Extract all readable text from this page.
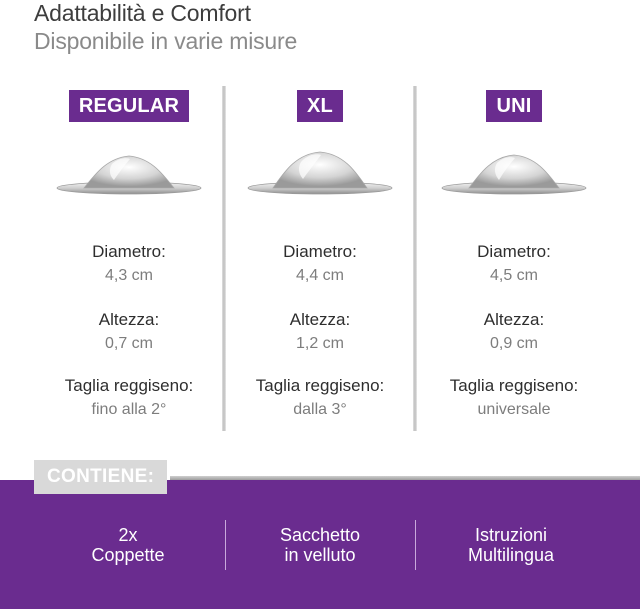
Adattabilità e Comfort
Disponibile in varie misure
REGULAR
Diametro:
4,3 cm
Altezza:
0,7 cm
Taglia reggiseno:
fino alla 2°
XL
Diametro:
4,4 cm
Altezza:
1,2 cm
Taglia reggiseno:
dalla 3°
UNI
Diametro:
4,5 cm
Altezza:
0,9 cm
Taglia reggiseno:
universale
CONTIENE:
2x
Coppette
Sacchetto
in velluto
Istruzioni
Multilingua
